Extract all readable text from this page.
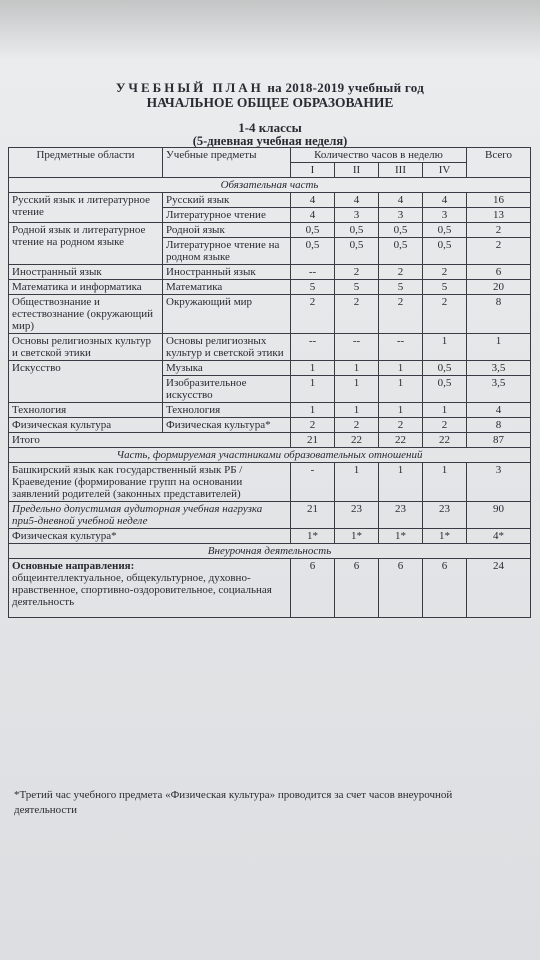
УЧЕБНЫЙ ПЛАН на 2018-2019 учебный год
НАЧАЛЬНОЕ ОБЩЕЕ ОБРАЗОВАНИЕ
1-4 классы
(5-дневная учебная неделя)
Предметные области	Учебные предметы	Количество часов в неделю				Всего
		I	II	III	IV	
Обязательная часть						
Русский язык и литературное чтение	Русский язык	4	4	4	4	16
	Литературное чтение	4	3	3	3	13
Родной язык и литературное чтение на родном языке	Родной язык	0,5	0,5	0,5	0,5	2
	Литературное чтение на родном языке	0,5	0,5	0,5	0,5	2
Иностранный язык	Иностранный язык	--	2	2	2	6
Математика и информатика	Математика	5	5	5	5	20
Обществознание и естествознание (окружающий мир)	Окружающий мир	2	2	2	2	8
Основы религиозных культур и светской этики	Основы религиозных культур и светской этики	--	--	--	1	1
Искусство	Музыка	1	1	1	0,5	3,5
	Изобразительное искусство	1	1	1	0,5	3,5
Технология	Технология	1	1	1	1	4
Физическая культура	Физическая культура*	2	2	2	2	8
Итого		21	22	22	22	87
Часть, формируемая участниками образовательных отношений						
Башкирский язык как государственный язык РБ / Краеведение (формирование групп на основании заявлений родителей (законных представителей)		-	1	1	1	3
Предельно допустимая аудиторная учебная нагрузка при5-дневной учебной неделе		21	23	23	23	90
Физическая культура*		1*	1*	1*	1*	4*
Внеурочная деятельность						

Основные направления:
общеинтеллектуальное, общекультурное, духовно-нравственное, спортивно-оздоровительное, социальная деятельность		6	6	6	6	24
*Третий час учебного предмета «Физическая культура» проводится за счет часов внеурочной деятельности
